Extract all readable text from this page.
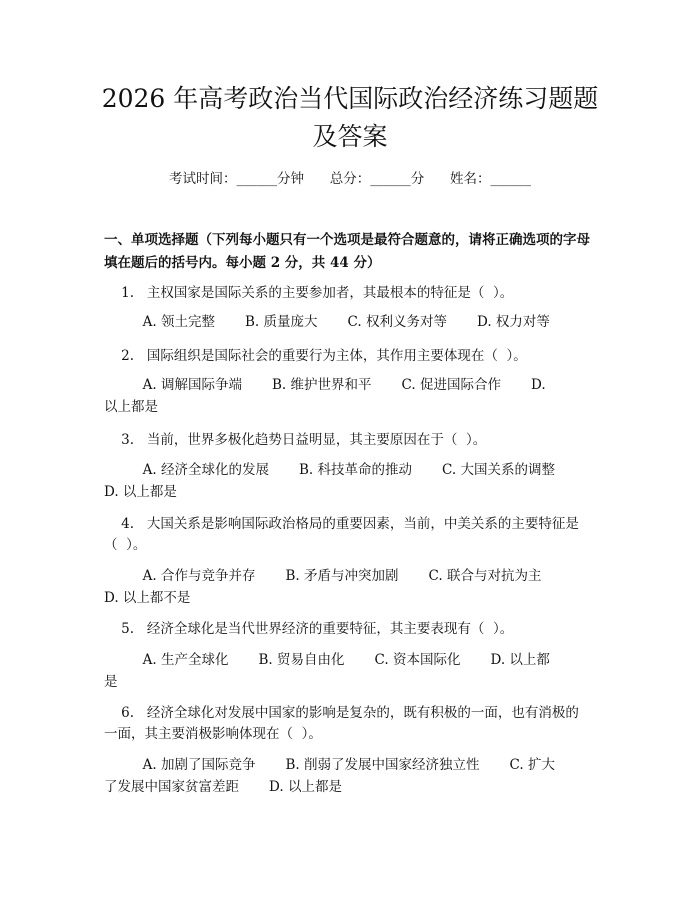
2026 年高考政治当代国际政治经济练习题题
及答案
考试时间：______分钟      总分：______分      姓名：______
一、单项选择题（下列每小题只有一个选项是最符合题意的，请将正确选项的字母填在题后的括号内。每小题 2 分，共 44 分）
1.   主权国家是国际关系的主要参加者，其最根本的特征是（  ）。
A. 领土完整       B. 质量庞大       C. 权利义务对等       D. 权力对等
2.   国际组织是国际社会的重要行为主体，其作用主要体现在（  ）。
A. 调解国际争端       B. 维护世界和平       C. 促进国际合作       D.
以上都是
3.   当前，世界多极化趋势日益明显，其主要原因在于（  ）。
A. 经济全球化的发展       B. 科技革命的推动       C. 大国关系的调整
D. 以上都是
4.   大国关系是影响国际政治格局的重要因素，当前，中美关系的主要特征是
（  ）。
A. 合作与竞争并存       B. 矛盾与冲突加剧       C. 联合与对抗为主
D. 以上都不是
5.   经济全球化是当代世界经济的重要特征，其主要表现有（  ）。
A. 生产全球化       B. 贸易自由化       C. 资本国际化       D. 以上都
是
6.   经济全球化对发展中国家的影响是复杂的，既有积极的一面，也有消极的
一面，其主要消极影响体现在（  ）。
A. 加剧了国际竞争       B. 削弱了发展中国家经济独立性       C. 扩大
了发展中国家贫富差距       D. 以上都是
